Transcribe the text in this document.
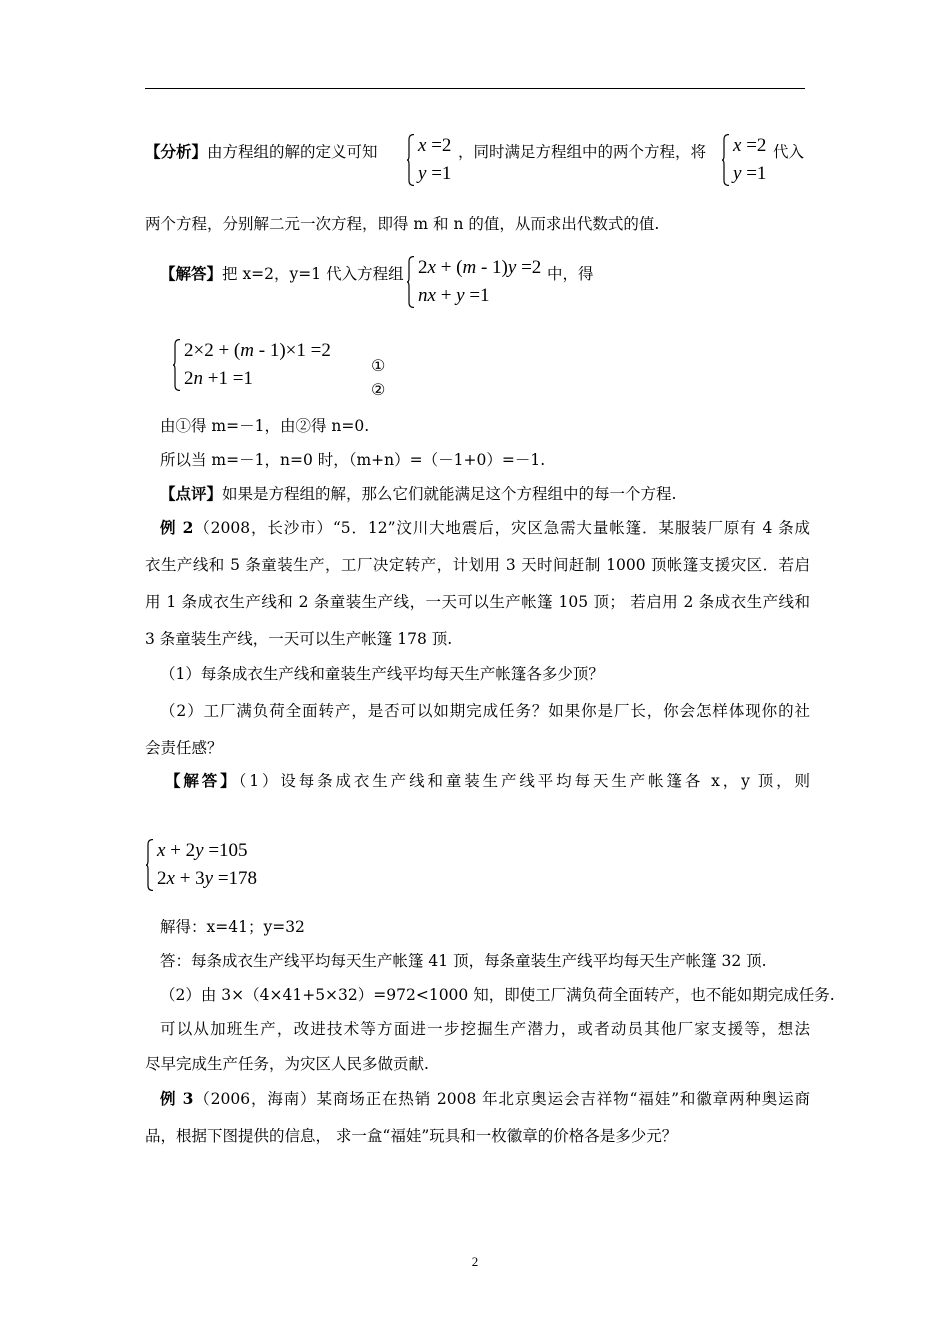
【分析】由方程组的解的定义可知 x =2
y =1
，同时满足方程组中的两个方程，将 x =2
y =1
代入
两个方程，分别解二元一次方程，即得 m 和 n 的值，从而求出代数式的值.
【解答】把 x=2，y=1 代入方程组 2x + (m - 1)y =2
nx + y =1
中，得
2×2 + (m - 1)×1 =2
2n +1 =1
①
②
由①得 m=－1，由②得 n=0.
所以当 m=－1，n=0 时，（m+n）=（－1+0）=－1.
【点评】如果是方程组的解，那么它们就能满足这个方程组中的每一个方程.
例 2（2008，长沙市）“5．12”汶川大地震后，灾区急需大量帐篷．某服装厂原有 4 条成
衣生产线和 5 条童装生产，工厂决定转产，计划用 3 天时间赶制 1000 顶帐篷支援灾区．若启
用 1 条成衣生产线和 2 条童装生产线，一天可以生产帐篷 105 顶； 若启用 2 条成衣生产线和
3 条童装生产线，一天可以生产帐篷 178 顶.
（1）每条成衣生产线和童装生产线平均每天生产帐篷各多少顶？
（2）工厂满负荷全面转产，是否可以如期完成任务？如果你是厂长，你会怎样体现你的社
会责任感？
【解答】（1）设每条成衣生产线和童装生产线平均每天生产帐篷各 x，y 顶，则
x + 2y =105
2x + 3y =178
解得：x=41；y=32
答：每条成衣生产线平均每天生产帐篷 41 顶，每条童装生产线平均每天生产帐篷 32 顶.
（2）由 3×（4×41+5×32）=972<1000 知，即使工厂满负荷全面转产，也不能如期完成任务.
可以从加班生产，改进技术等方面进一步挖掘生产潜力，或者动员其他厂家支援等，想法
尽早完成生产任务，为灾区人民多做贡献.
例 3（2006，海南）某商场正在热销 2008 年北京奥运会吉祥物“福娃”和徽章两种奥运商
品，根据下图提供的信息， 求一盒“福娃”玩具和一枚徽章的价格各是多少元？
2
